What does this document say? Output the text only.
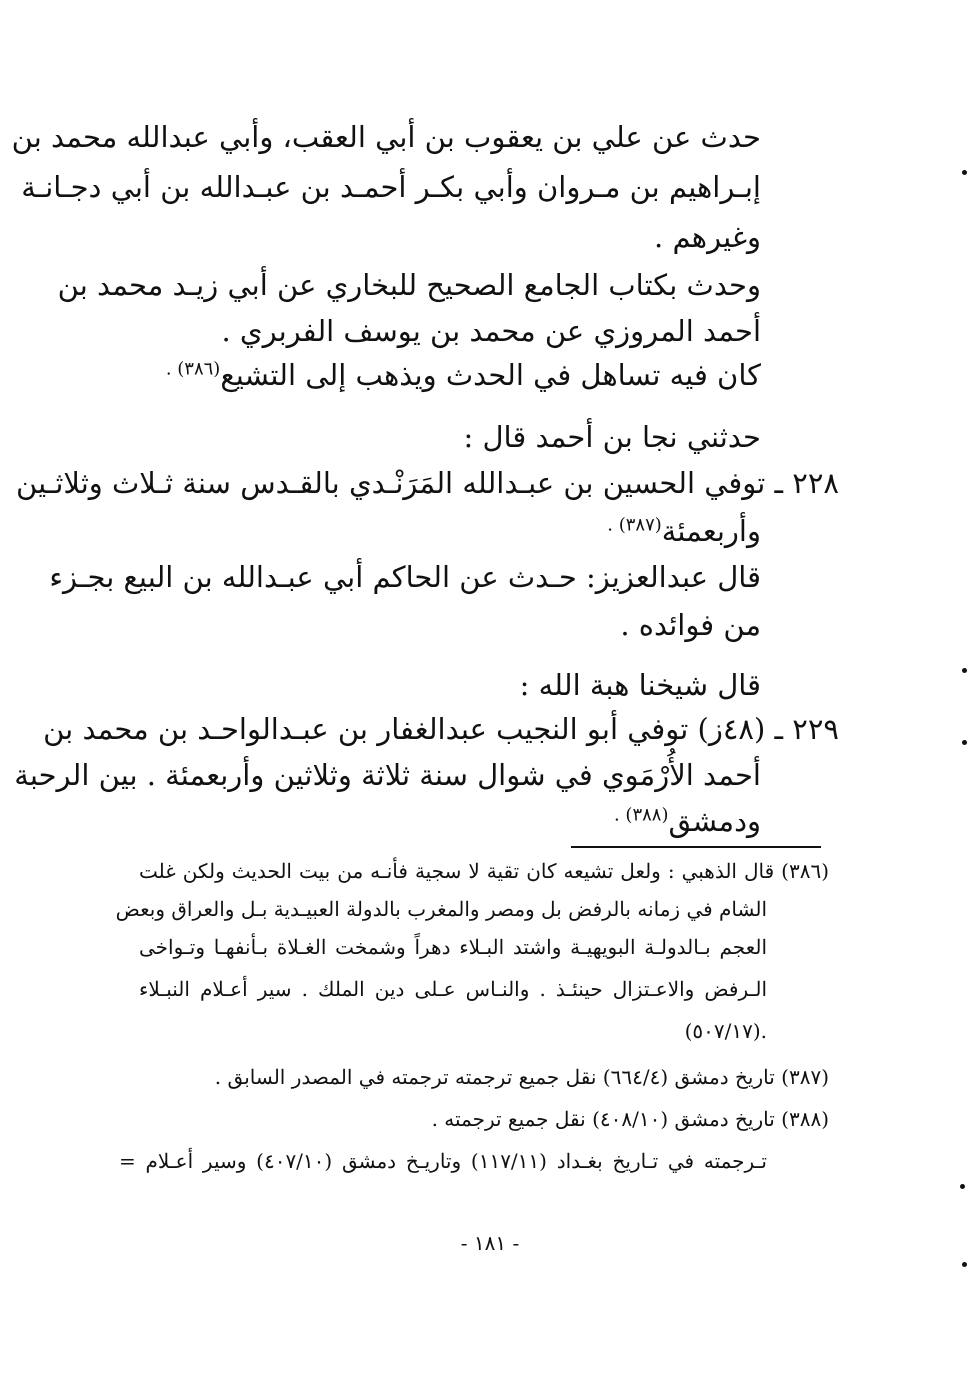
حدث عن علي بن يعقوب بن أبي العقب، وأبي عبدالله محمد بن
إبـراهيم بن مـروان وأبي بكـر أحمـد بن عبـدالله بن أبي دجـانـة
وغيرهم .
وحدث بكتاب الجامع الصحيح للبخاري عن أبي زيـد محمد بن
أحمد المروزي عن محمد بن يوسف الفربري .
كان فيه تساهل في الحدث ويذهب إلى التشيع$^{(٣٨٦) .}$
حدثني نجا بن أحمد قال :
٢٢٨ ـ توفي الحسين بن عبـدالله المَرَنْـدي بالقـدس سنة ثـلاث وثلاثـين
وأربعمئة$^{(٣٨٧) .}$
قال عبدالعزيز: حـدث عن الحاكم أبي عبـدالله بن البيع بجـزء
من فوائده .
قال شيخنا هبة الله :
٢٢٩ ـ (٤٨ز) توفي أبو النجيب عبدالغفار بن عبـدالواحـد بن محمد بن
أحمد الأُرْمَوي في شوال سنة ثلاثة وثلاثين وأربعمئة . بين الرحبة
ودمشق$^{(٣٨٨) .}$
(٣٨٦) قال الذهبي : ولعل تشيعه كان تقية لا سجية فأنـه من بيت الحديث ولكن غلت
الشام في زمانه بالرفض بل ومصر والمغرب بالدولة العبيـدية بـل والعراق وبعض
العجم بـالدولـة البويهيـة واشتد البـلاء دهراً وشمخت الغـلاة بـأنفهـا وتـواخى
الـرفض والاعـتزال حينئـذ . والنـاس عـلى دين الملك . سير أعـلام النبـلاء
.(٥٠٧/١٧)
(٣٨٧) تاريخ دمشق (٦٦٤/٤) نقل جميع ترجمته ترجمته في المصدر السابق .
(٣٨٨) تاريخ دمشق (٤٠٨/١٠) نقل جميع ترجمته .
تـرجمته في تـاريخ بغـداد (١١٧/١١) وتاريـخ دمشق (٤٠٧/١٠) وسير أعـلام =
- ١٨١ -
